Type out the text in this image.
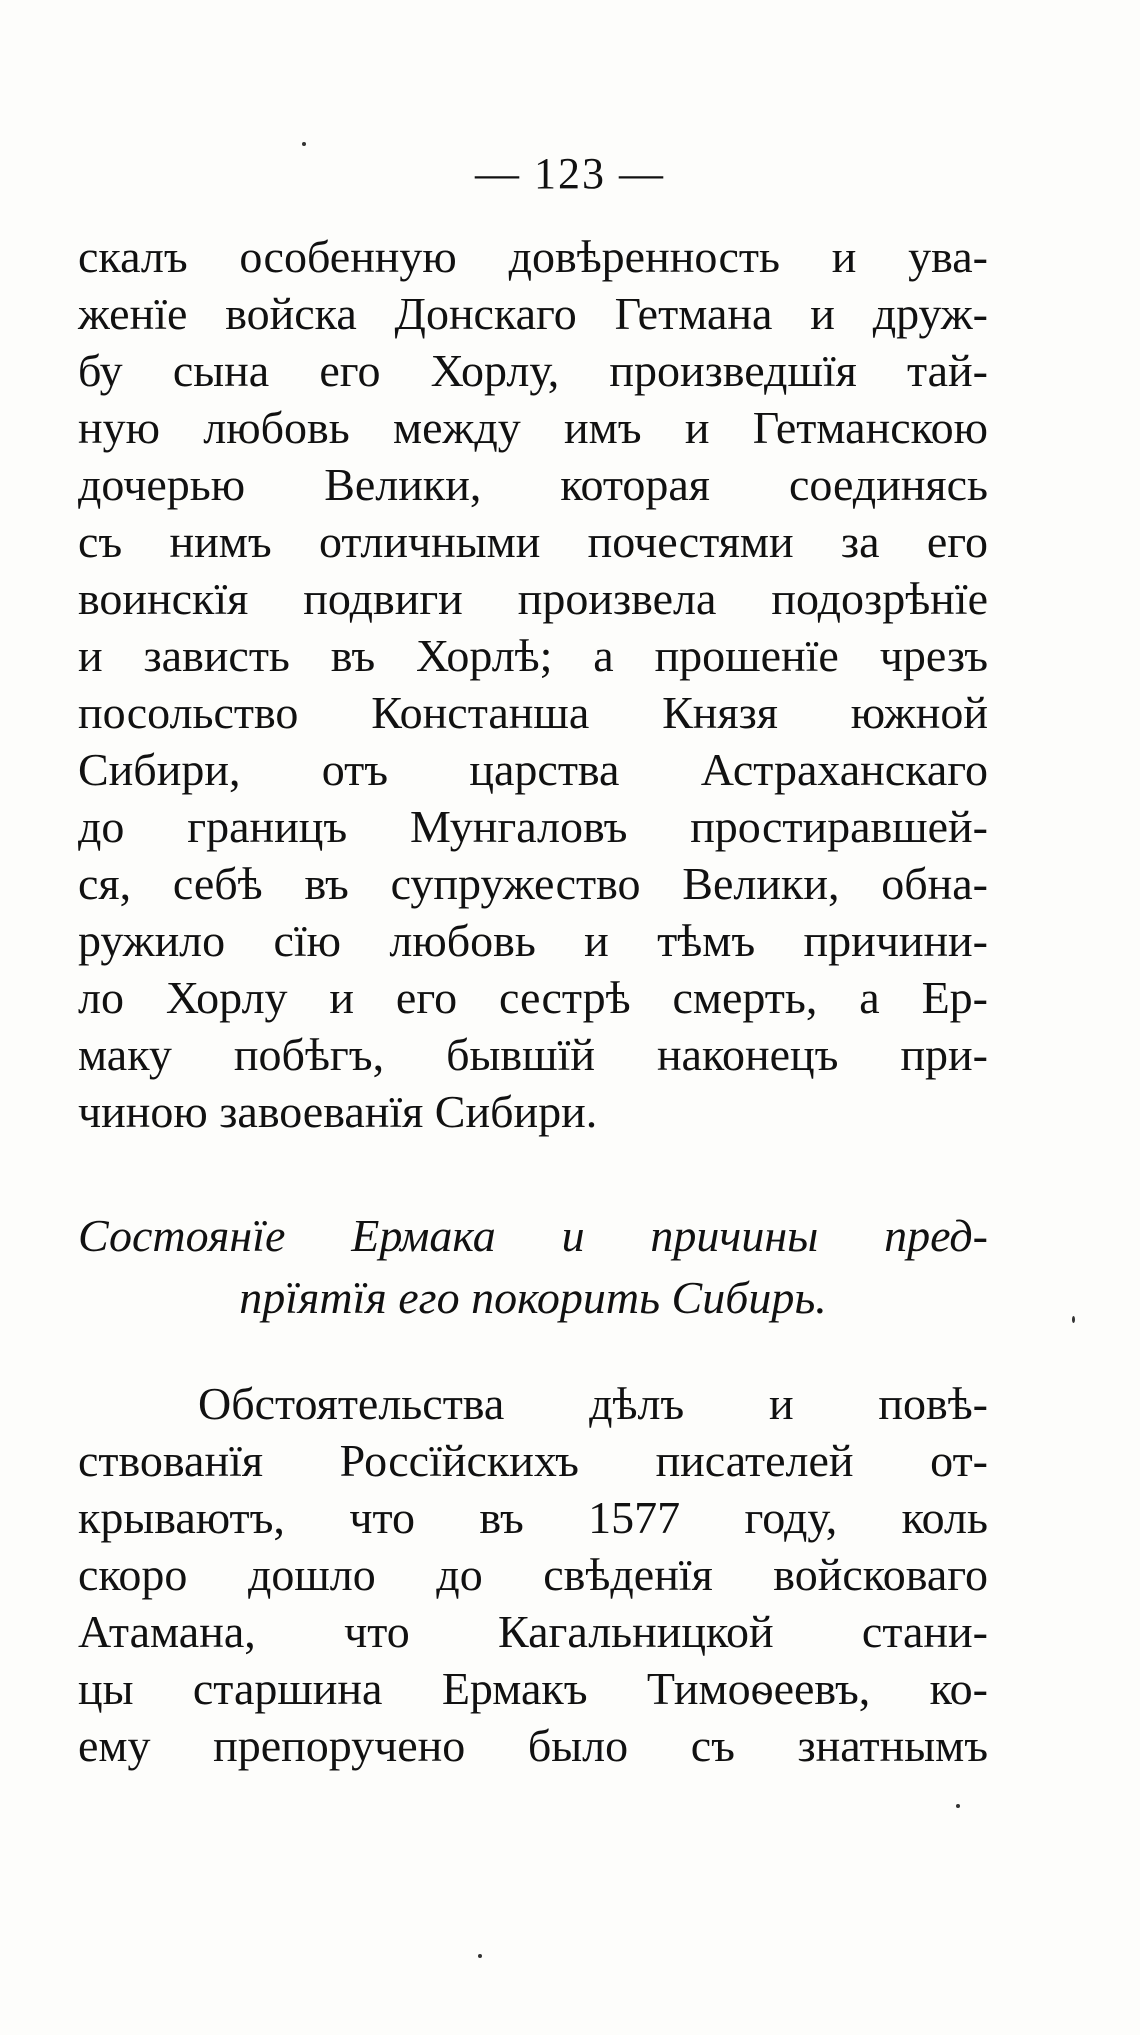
— 123 —
скалъ особенную довѣренность и ува-
женїе войска Донскаго Гетмана и друж-
бу сына его Хорлу, произведшїя тай-
ную любовь между имъ и Гетманскою
дочерью Велики, которая соединясь
съ нимъ отличными почестями за его
воинскїя подвиги произвела подозрѣнїе
и зависть въ Хорлѣ; а прошенїе чрезъ
посольство Констанша Князя южной
Сибири, отъ царства Астраханскаго
до границъ Мунгаловъ простиравшей-
ся, себѣ въ супружество Велики, обна-
ружило сїю любовь и тѣмъ причини-
ло Хорлу и его сестрѣ смерть, а Ер-
маку побѣгъ, бывшїй наконецъ при-
чиною завоеванїя Сибири.
Состоянїе Ермака и причины пред-
прїятїя его покорить Сибирь.
Обстоятельства дѣлъ и повѣ-
ствованїя Россїйскихъ писателей от-
крываютъ, что въ 1577 году, коль
скоро дошло до свѣденїя войсковаго
Атамана, что Кагальницкой стани-
цы старшина Ермакъ Тимоѳеевъ, ко-
ему препоручено было съ знатнымъ
